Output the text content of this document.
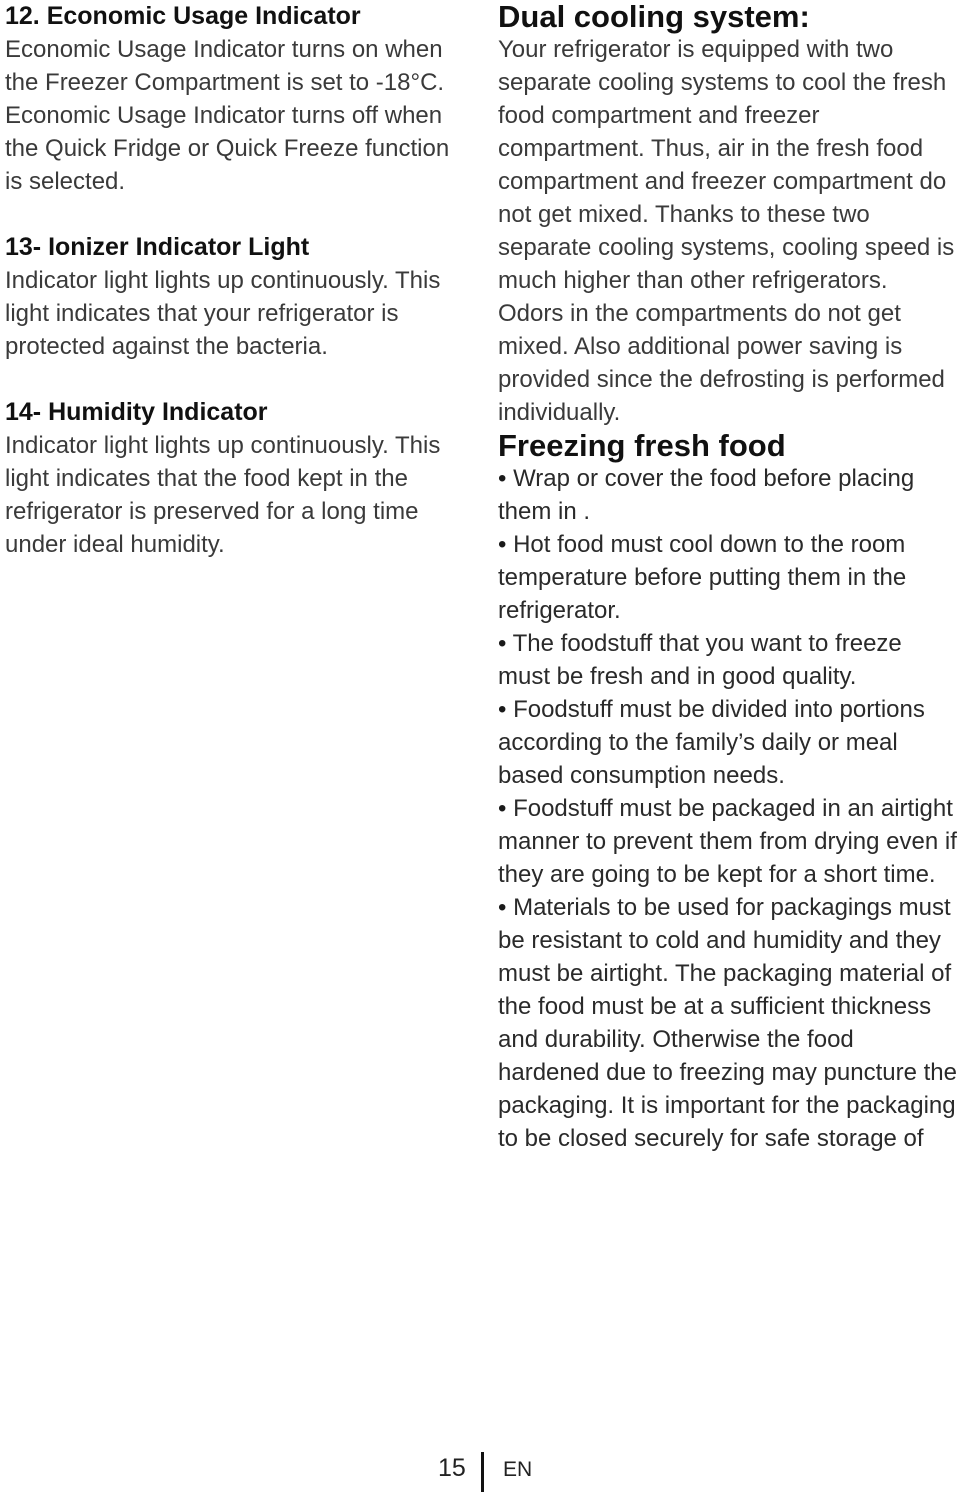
12. Economic Usage Indicator

Economic Usage Indicator turns on when the Freezer Compartment is set to -18°C. Economic Usage Indicator turns off when the Quick Fridge or Quick Freeze function is selected.

13- Ionizer Indicator Light

Indicator light lights up continuously. This light indicates that your refrigerator is protected against the bacteria.

14- Humidity Indicator

Indicator light lights up continuously. This light indicates that the food kept in the refrigerator is preserved for a long time under ideal humidity.

Dual cooling system:

Your refrigerator is equipped with two separate cooling systems to cool the fresh food compartment and freezer compartment. Thus, air in the fresh food compartment and freezer compartment do not get mixed. Thanks to these two separate cooling systems, cooling speed is much higher than other refrigerators. Odors in the compartments do not get mixed. Also additional power saving is provided since the defrosting is performed individually.

Freezing fresh food

• Wrap or cover the food before placing them in .

• Hot food must cool down to the room temperature before putting them in the refrigerator.

• The foodstuff that you want to freeze must be fresh and in good quality.

• Foodstuff must be divided into portions according to the family’s daily or meal based consumption needs.

• Foodstuff must be packaged in an airtight manner to prevent them from drying even if they are going to be kept for a short time.

• Materials to be used for packagings must be resistant to cold and humidity and they must be airtight. The packaging material of the food must be at a sufficient thickness and durability. Otherwise the food hardened due to freezing may puncture the packaging. It is important for the packaging to be closed securely for safe storage of

15 EN
